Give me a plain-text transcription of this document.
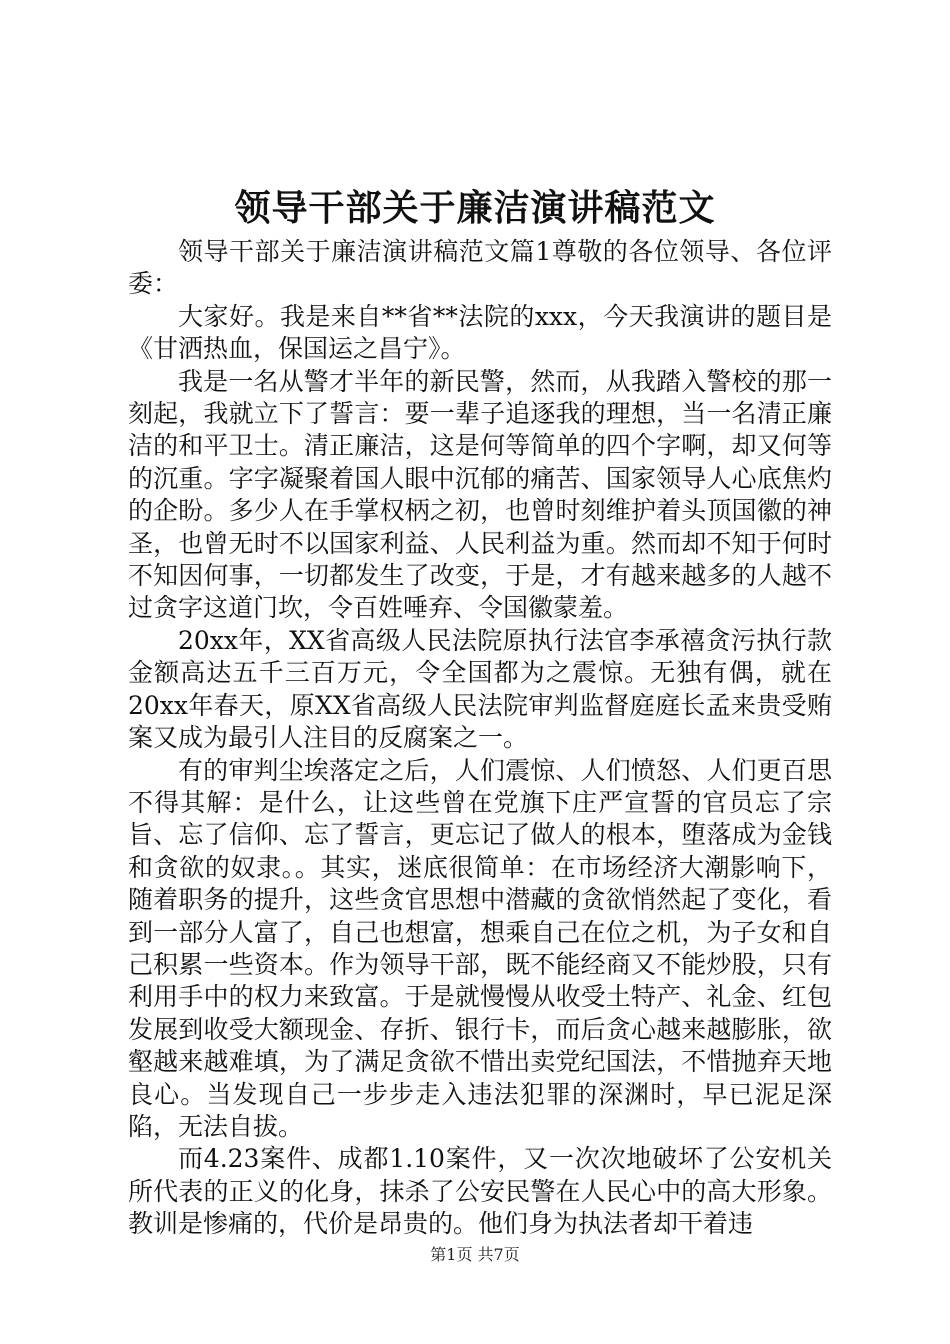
领导干部关于廉洁演讲稿范文

领导干部关于廉洁演讲稿范文篇1尊敬的各位领导、各位评委：

大家好。我是来自**省**法院的xxx，今天我演讲的题目是《甘洒热血，保国运之昌宁》。

我是一名从警才半年的新民警，然而，从我踏入警校的那一刻起，我就立下了誓言：要一辈子追逐我的理想，当一名清正廉洁的和平卫士。清正廉洁，这是何等简单的四个字啊，却又何等的沉重。字字凝聚着国人眼中沉郁的痛苦、国家领导人心底焦灼的企盼。多少人在手掌权柄之初，也曾时刻维护着头顶国徽的神圣，也曾无时不以国家利益、人民利益为重。然而却不知于何时不知因何事，一切都发生了改变，于是，才有越来越多的人越不过贪字这道门坎，令百姓唾弃、令国徽蒙羞。

20xx年，XX省高级人民法院原执行法官李承禧贪污执行款金额高达五千三百万元，令全国都为之震惊。无独有偶，就在20xx年春天，原XX省高级人民法院审判监督庭庭长孟来贵受贿案又成为最引人注目的反腐案之一。

有的审判尘埃落定之后，人们震惊、人们愤怒、人们更百思不得其解：是什么，让这些曾在党旗下庄严宣誓的官员忘了宗旨、忘了信仰、忘了誓言，更忘记了做人的根本，堕落成为金钱和贪欲的奴隶。。其实，迷底很简单：在市场经济大潮影响下，随着职务的提升，这些贪官思想中潜藏的贪欲悄然起了变化，看到一部分人富了，自己也想富，想乘自己在位之机，为子女和自己积累一些资本。作为领导干部，既不能经商又不能炒股，只有利用手中的权力来致富。于是就慢慢从收受土特产、礼金、红包发展到收受大额现金、存折、银行卡，而后贪心越来越膨胀，欲壑越来越难填，为了满足贪欲不惜出卖党纪国法，不惜抛弃天地良心。当发现自己一步步走入违法犯罪的深渊时，早已泥足深陷，无法自拔。

而4.23案件、成都1.10案件，又一次次地破坏了公安机关所代表的正义的化身，抹杀了公安民警在人民心中的高大形象。教训是惨痛的，代价是昂贵的。他们身为执法者却干着违

第1页 共7页
